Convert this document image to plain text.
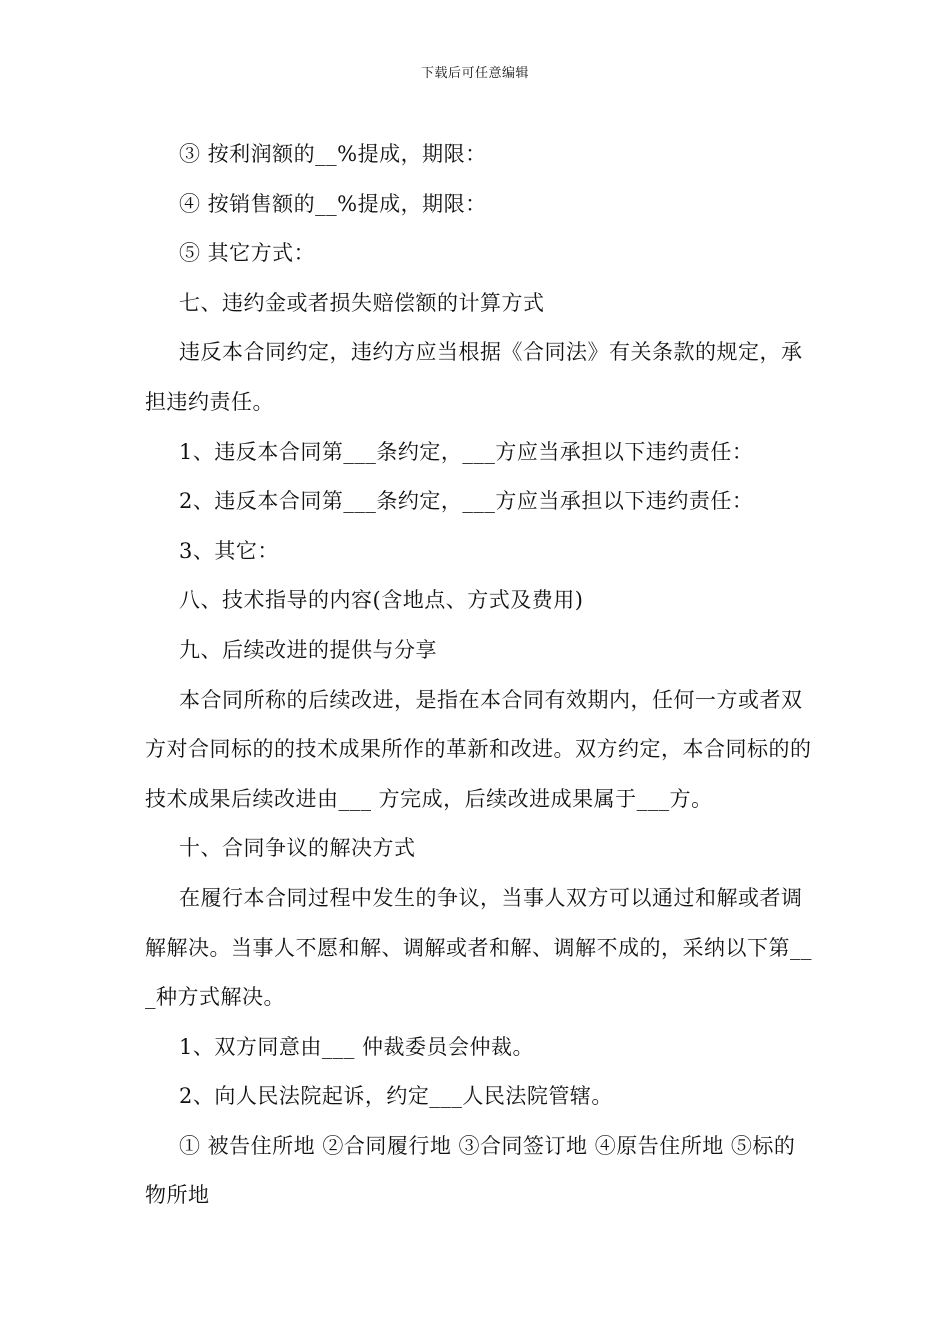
下载后可任意编辑

③ 按利润额的__%提成，期限：

④ 按销售额的__%提成，期限：

⑤ 其它方式：

七、违约金或者损失赔偿额的计算方式

违反本合同约定，违约方应当根据《合同法》有关条款的规定，承担违约责任。

1、违反本合同第___条约定，___方应当承担以下违约责任：

2、违反本合同第___条约定，___方应当承担以下违约责任：

3、其它：

八、技术指导的内容(含地点、方式及费用)

九、后续改进的提供与分享

本合同所称的后续改进，是指在本合同有效期内，任何一方或者双方对合同标的的技术成果所作的革新和改进。双方约定，本合同标的的技术成果后续改进由___ 方完成，后续改进成果属于___方。

十、合同争议的解决方式

在履行本合同过程中发生的争议，当事人双方可以通过和解或者调解解决。当事人不愿和解、调解或者和解、调解不成的，采纳以下第___种方式解决。

1、双方同意由___ 仲裁委员会仲裁。

2、向人民法院起诉，约定___人民法院管辖。

① 被告住所地 ②合同履行地 ③合同签订地 ④原告住所地 ⑤标的物所地
